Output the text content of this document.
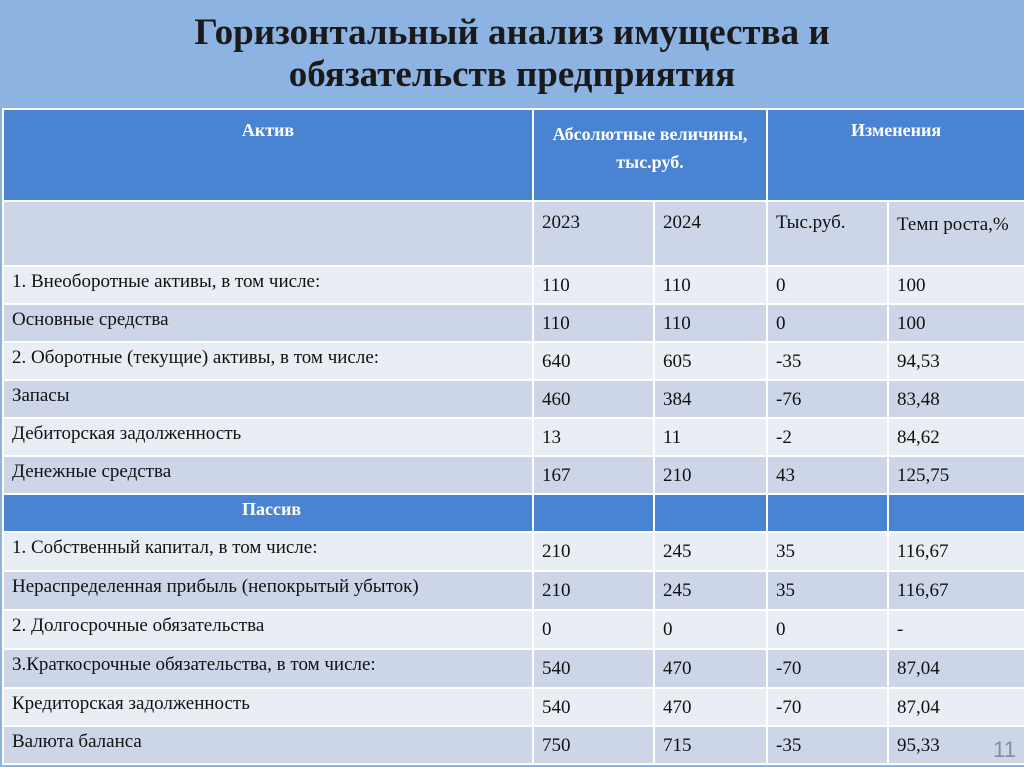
Горизонтальный анализ имущества и
обязательств предприятия
Актив	Абсолютные величины, тыс.руб.		Изменения	
	2023	2024	Тыс.руб.	Темп роста,%
1. Внеоборотные активы, в том числе:	110	110	0	100
Основные средства	110	110	0	100
2. Оборотные (текущие) активы, в том числе:	640	605	-35	94,53
Запасы	460	384	-76	83,48
Дебиторская задолженность	13	11	-2	84,62
Денежные средства	167	210	43	125,75
Пассив				
1. Собственный капитал, в том числе:	210	245	35	116,67
Нераспределенная прибыль (непокрытый убыток)	210	245	35	116,67
2. Долгосрочные обязательства	0	0	0	-
3.Краткосрочные обязательства, в том числе:	540	470	-70	87,04
Кредиторская задолженность	540	470	-70	87,04
Валюта баланса	750	715	-35	95,33 11
